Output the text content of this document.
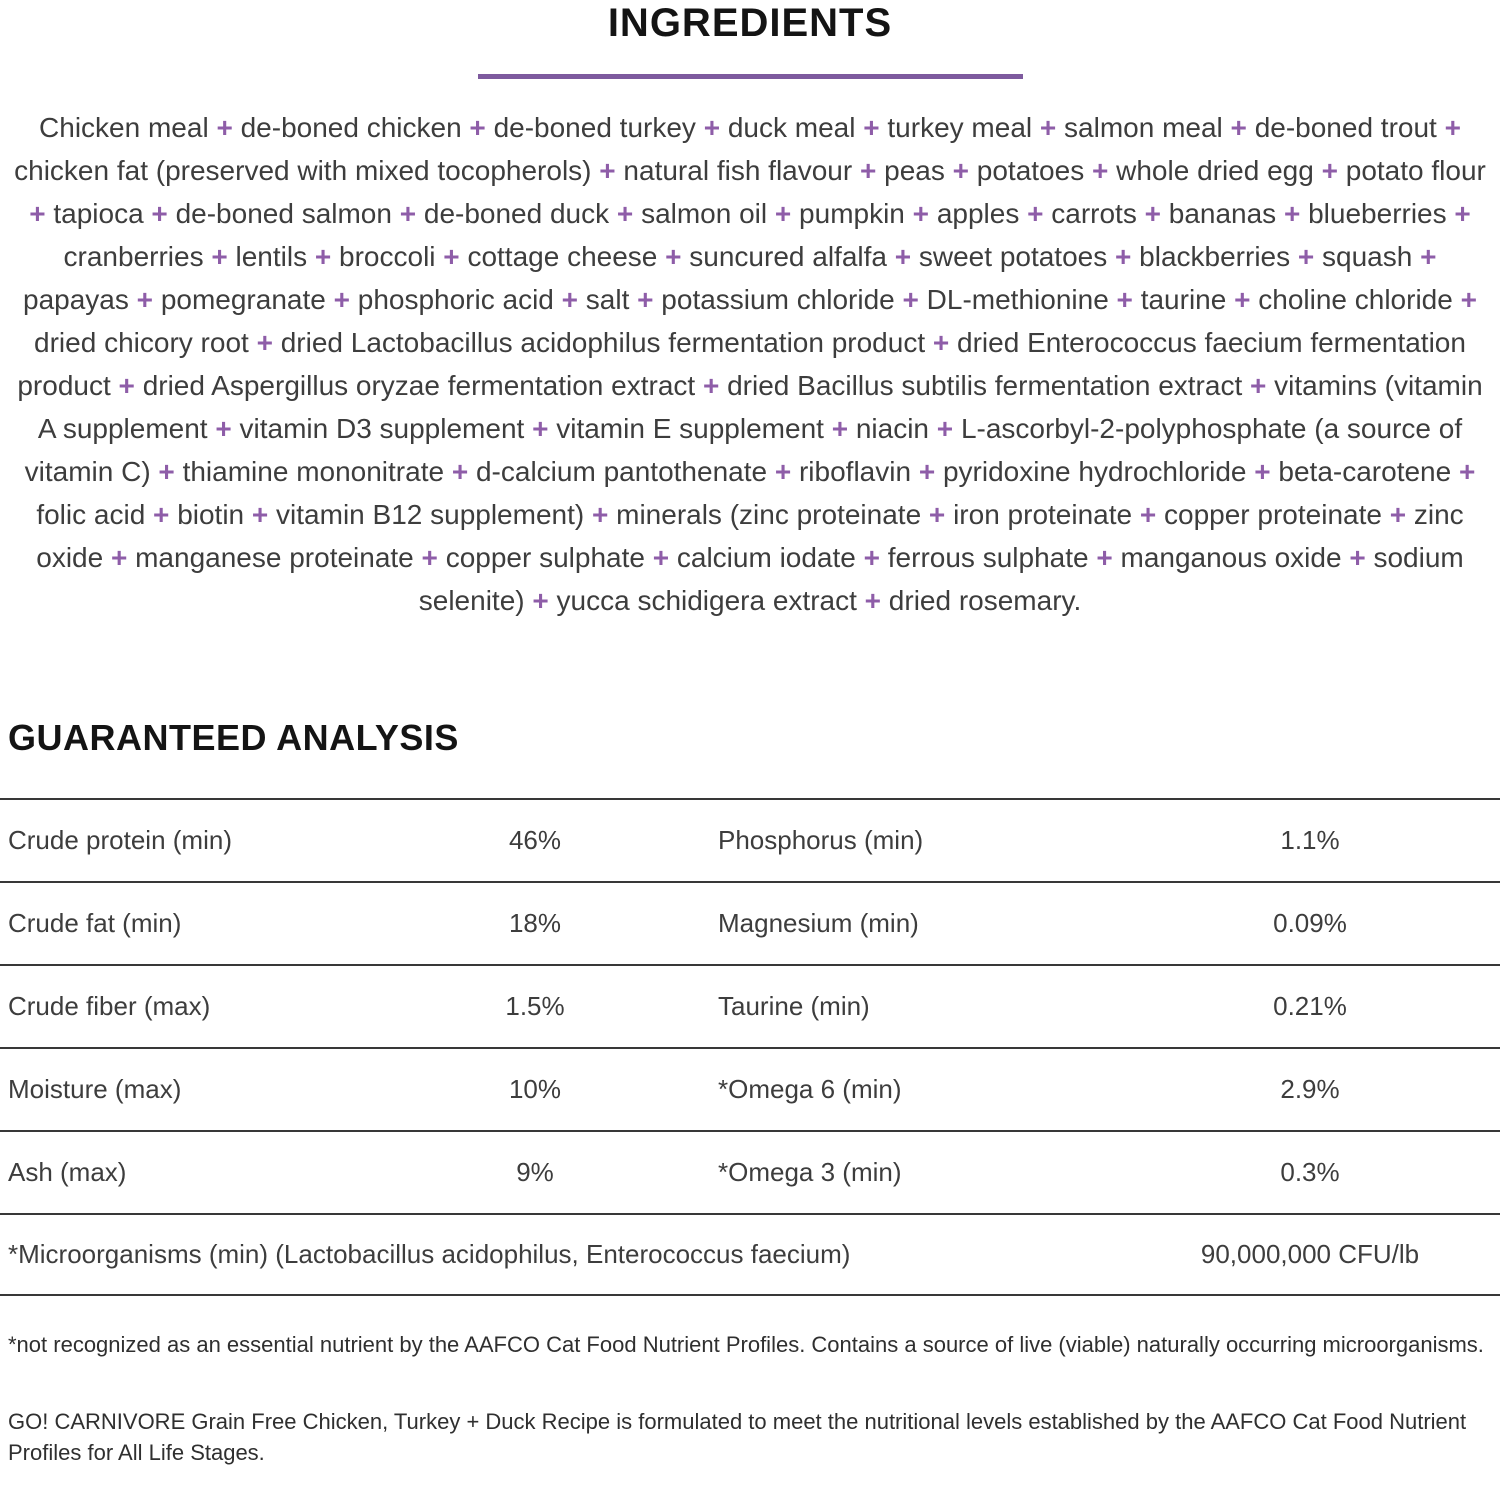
INGREDIENTS

Chicken meal + de-boned chicken + de-boned turkey + duck meal + turkey meal + salmon meal + de-boned trout + chicken fat (preserved with mixed tocopherols) + natural fish flavour + peas + potatoes + whole dried egg + potato flour + tapioca + de-boned salmon + de-boned duck + salmon oil + pumpkin + apples + carrots + bananas + blueberries + cranberries + lentils + broccoli + cottage cheese + suncured alfalfa + sweet potatoes + blackberries + squash + papayas + pomegranate + phosphoric acid + salt + potassium chloride + DL-methionine + taurine + choline chloride + dried chicory root + dried Lactobacillus acidophilus fermentation product + dried Enterococcus faecium fermentation product + dried Aspergillus oryzae fermentation extract + dried Bacillus subtilis fermentation extract + vitamins (vitamin A supplement + vitamin D3 supplement + vitamin E supplement + niacin + L-ascorbyl-2-polyphosphate (a source of vitamin C) + thiamine mononitrate + d-calcium pantothenate + riboflavin + pyridoxine hydrochloride + beta-carotene + folic acid + biotin + vitamin B12 supplement) + minerals (zinc proteinate + iron proteinate + copper proteinate + zinc oxide + manganese proteinate + copper sulphate + calcium iodate + ferrous sulphate + manganous oxide + sodium selenite) + yucca schidigera extract + dried rosemary.

GUARANTEED ANALYSIS
Crude protein (min)	46%	Phosphorus (min)	1.1%
Crude fat (min)	18%	Magnesium (min)	0.09%
Crude fiber (max)	1.5%	Taurine (min)	0.21%
Moisture (max)	10%	*Omega 6 (min)	2.9%
Ash (max)	9%	*Omega 3 (min)	0.3%
*Microorganisms (min) (Lactobacillus acidophilus, Enterococcus faecium)	90,000,000 CFU/lb

*not recognized as an essential nutrient by the AAFCO Cat Food Nutrient Profiles. Contains a source of live (viable) naturally occurring microorganisms.

GO! CARNIVORE Grain Free Chicken, Turkey + Duck Recipe is formulated to meet the nutritional levels established by the AAFCO Cat Food Nutrient Profiles for All Life Stages.
